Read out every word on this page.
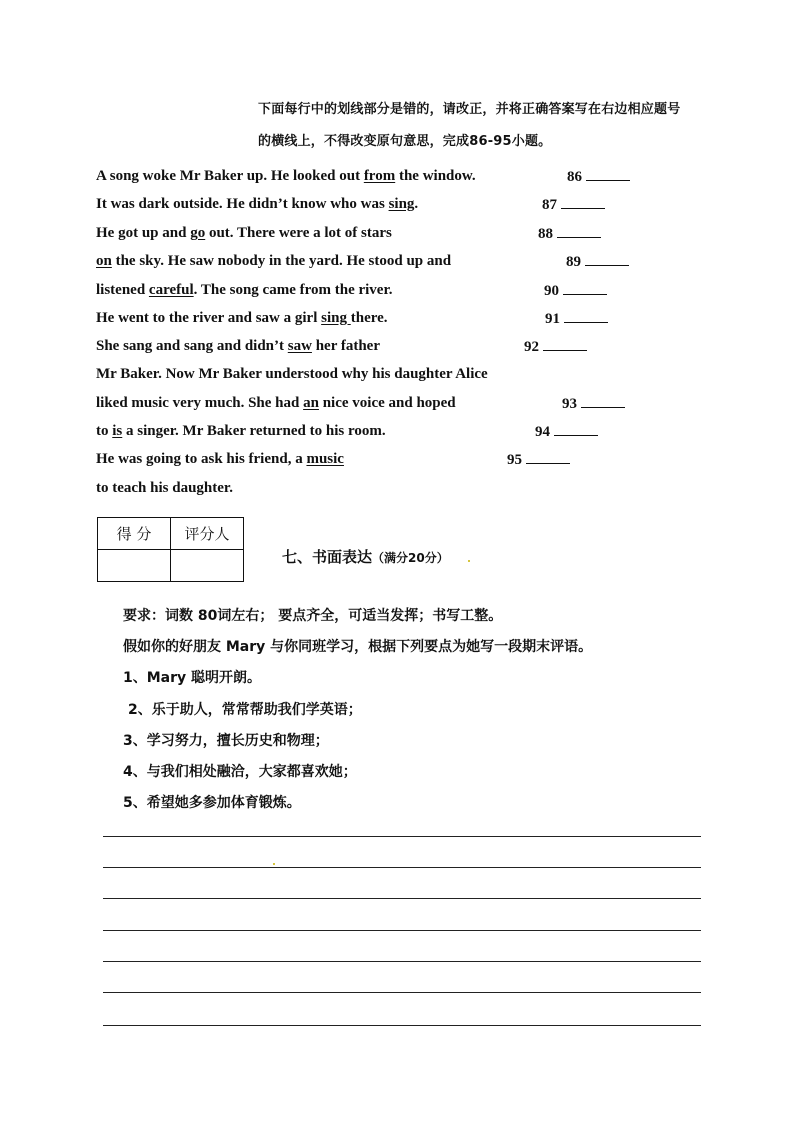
下面每行中的划线部分是错的，请改正，并将正确答案写在右边相应题号
的横线上，不得改变原句意思，完成86-95小题。
A song woke Mr Baker up. He looked out from the window.
It was dark outside. He didn’t know who was sing.
He got up and go out. There were a lot of stars
on the sky. He saw nobody in the yard. He stood up and
listened careful. The song came from the river.
He went to the river and saw a girl sing there.
She sang and sang and didn’t saw her father
Mr Baker. Now Mr Baker understood why his daughter Alice
liked music very much. She had an nice voice and hoped
to is a singer. Mr Baker returned to his room.
He was going to ask his friend, a music
to teach his daughter.
86
87
88
89
90
91
92
93
94
95
得 分	评分人

七、书面表达（满分20分）
要求：词数 80词左右； 要点齐全，可适当发挥；书写工整。
假如你的好朋友 Mary 与你同班学习，根据下列要点为她写一段期末评语。
1、Mary 聪明开朗。
2、乐于助人，常常帮助我们学英语；
3、学习努力，擅长历史和物理；
4、与我们相处融洽，大家都喜欢她；
5、希望她多参加体育锻炼。
